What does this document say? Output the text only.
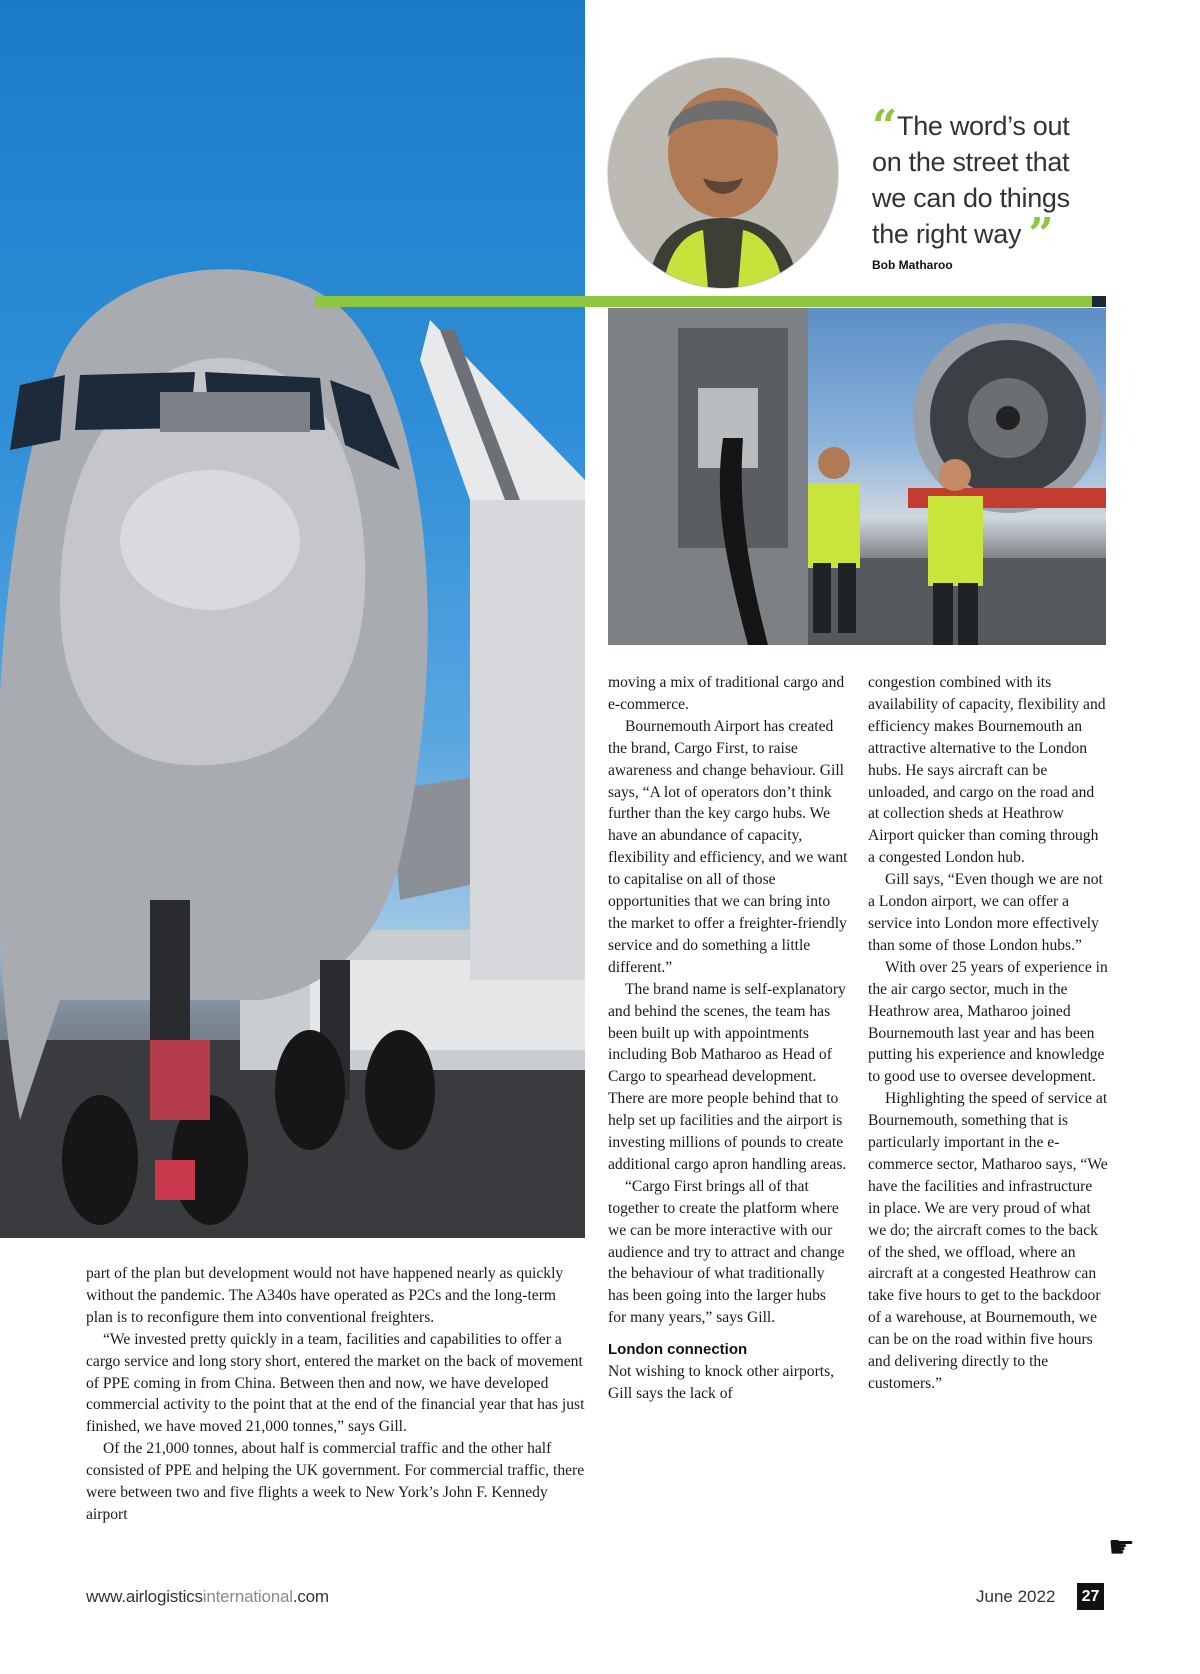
“The word’s out on the street that we can do things the right way ”
Bob Matharoo

part of the plan but development would not have happened nearly as quickly without the pandemic. The A340s have operated as P2Cs and the long-term plan is to reconfigure them into conventional freighters.

“We invested pretty quickly in a team, facilities and capabilities to offer a cargo service and long story short, entered the market on the back of movement of PPE coming in from China. Between then and now, we have developed commercial activity to the point that at the end of the financial year that has just finished, we have moved 21,000 tonnes,” says Gill.

Of the 21,000 tonnes, about half is commercial traffic and the other half consisted of PPE and helping the UK government. For commercial traffic, there were between two and five flights a week to New York’s John F. Kennedy airport

moving a mix of traditional cargo and e-commerce.

Bournemouth Airport has created the brand, Cargo First, to raise awareness and change behaviour. Gill says, “A lot of operators don’t think further than the key cargo hubs. We have an abundance of capacity, flexibility and efficiency, and we want to capitalise on all of those opportunities that we can bring into the market to offer a freighter-friendly service and do something a little different.”

The brand name is self-explanatory and behind the scenes, the team has been built up with appointments including Bob Matharoo as Head of Cargo to spearhead development. There are more people behind that to help set up facilities and the airport is investing millions of pounds to create additional cargo apron handling areas.

“Cargo First brings all of that together to create the platform where we can be more interactive with our audience and try to attract and change the behaviour of what traditionally has been going into the larger hubs for many years,” says Gill.

London connection

Not wishing to knock other airports, Gill says the lack of

congestion combined with its availability of capacity, flexibility and efficiency makes Bournemouth an attractive alternative to the London hubs. He says aircraft can be unloaded, and cargo on the road and at collection sheds at Heathrow Airport quicker than coming through a congested London hub.

Gill says, “Even though we are not a London airport, we can offer a service into London more effectively than some of those London hubs.”

With over 25 years of experience in the air cargo sector, much in the Heathrow area, Matharoo joined Bournemouth last year and has been putting his experience and knowledge to good use to oversee development.

Highlighting the speed of service at Bournemouth, something that is particularly important in the e-commerce sector, Matharoo says, “We have the facilities and infrastructure in place. We are very proud of what we do; the aircraft comes to the back of the shed, we offload, where an aircraft at a congested Heathrow can take five hours to get to the backdoor of a warehouse, at Bournemouth, we can be on the road within five hours and delivering directly to the customers.”

☛
www.airlogisticsinternational.com	June 2022 27
